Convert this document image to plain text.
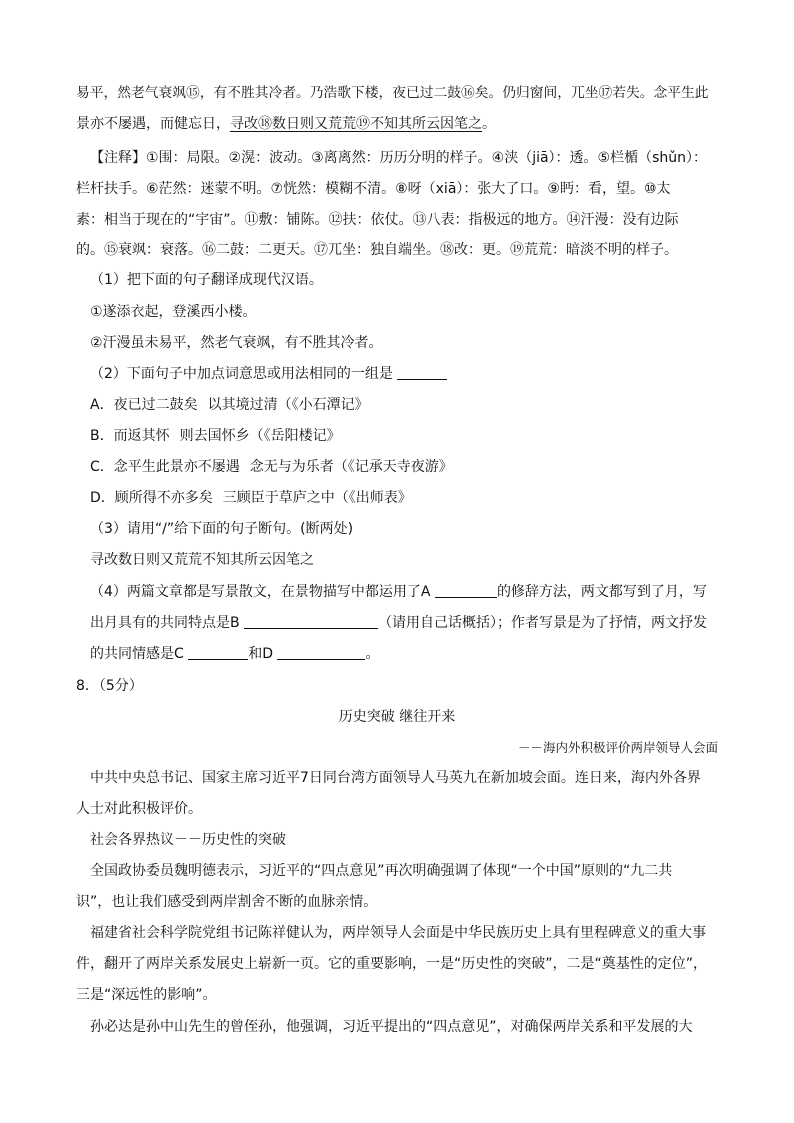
易平，然老气衰飒⑮，有不胜其冷者。乃浩歌下楼，夜已过二鼓⑯矣。仍归窗间，兀坐⑰若失。念平生此
景亦不屡遇，而健忘日，寻改⑱数日则又荒荒⑲不知其所云因笔之。
【注释】①围：局限。②滉：波动。③离离然：历历分明的样子。④浃（jiā）：透。⑤栏楯（shǔn）：
栏杆扶手。⑥茫然：迷蒙不明。⑦恍然：模糊不清。⑧呀（xiā）：张大了口。⑨眄：看，望。⑩太
素：相当于现在的“宇宙”。⑪敷：铺陈。⑫扶：依仗。⑬八表：指极远的地方。⑭汗漫：没有边际
的。⑮衰飒：衰落。⑯二鼓：二更天。⑰兀坐：独自端坐。⑱改：更。⑲荒荒：暗淡不明的样子。
（1）把下面的句子翻译成现代汉语。
①遂添衣起，登溪西小楼。
②汗漫虽未易平，然老气衰飒，有不胜其冷者。
（2）下面句子中加点词意思或用法相同的一组是
A．夜已过二鼓矣 以其境过清（《小石潭记》
B．而返其怀 则去国怀乡（《岳阳楼记》
C．念平生此景亦不屡遇 念无与为乐者（《记承天寺夜游》
D．顾所得不亦多矣 三顾臣于草庐之中（《出师表》
（3）请用“/”给下面的句子断句。(断两处)
寻改数日则又荒荒不知其所云因笔之
（4）两篇文章都是写景散文，在景物描写中都运用了A	的修辞方法，两文都写到了月，写
出月具有的共同特点是B	（请用自己话概括）；作者写景是为了抒情，两文抒发
的共同情感是C	和D	。
8．（5分）
历史突破 继往开来
－－海内外积极评价两岸领导人会面
中共中央总书记、国家主席习近平7日同台湾方面领导人马英九在新加坡会面。连日来，海内外各界
人士对此积极评价。
社会各界热议－－历史性的突破
全国政协委员魏明德表示，习近平的“四点意见”再次明确强调了体现“一个中国”原则的“九二共
识”，也让我们感受到两岸割舍不断的血脉亲情。
福建省社会科学院党组书记陈祥健认为，两岸领导人会面是中华民族历史上具有里程碑意义的重大事
件，翻开了两岸关系发展史上崭新一页。它的重要影响，一是“历史性的突破”，二是“奠基性的定位”，
三是“深远性的影响”。
孙必达是孙中山先生的曾侄孙，他强调，习近平提出的“四点意见”，对确保两岸关系和平发展的大
